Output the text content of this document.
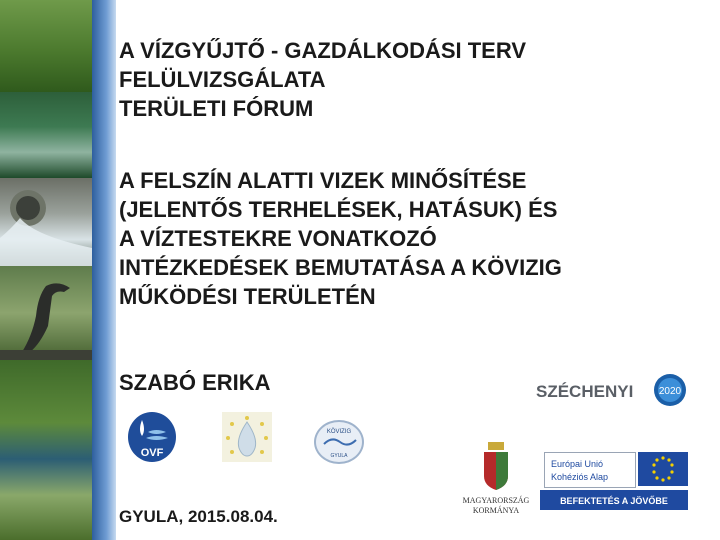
A VÍZGYŰJTŐ - GAZDÁLKODÁSI TERV
FELÜLVIZSGÁLATA
TERÜLETI FÓRUM
A FELSZÍN ALATTI VIZEK MINŐSÍTÉSE
(JELENTŐS TERHELÉSEK, HATÁSUK) ÉS
A VÍZTESTEKRE VONATKOZÓ
INTÉZKEDÉSEK BEMUTATÁSA A KÖVIZIG
MŰKÖDÉSI TERÜLETÉN
SZABÓ ERIKA
GYULA, 2015.08.04.
OVF
KÖVIZIG
GYULA
SZÉCHENYI	2020
MAGYARORSZÁG
KORMÁNYA
Európai Unió
Kohéziós Alap
BEFEKTETÉS A JÖVŐBE
